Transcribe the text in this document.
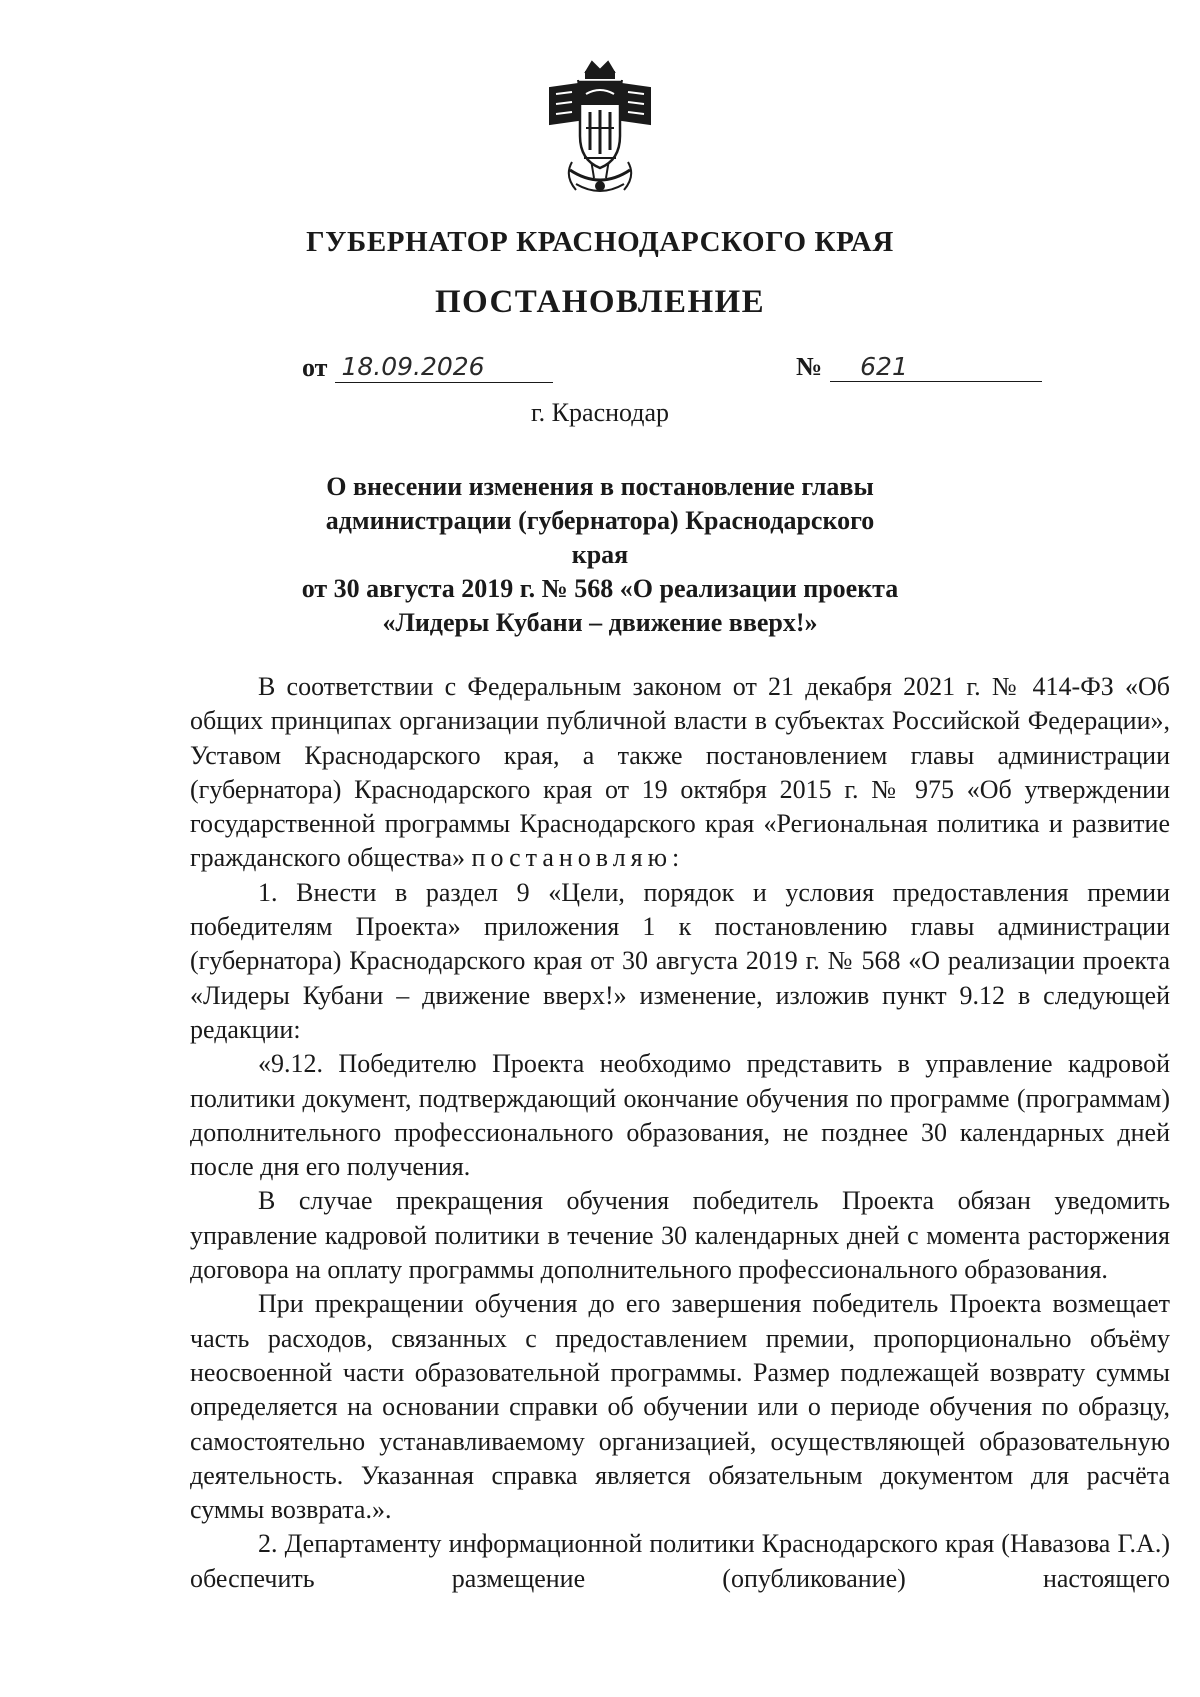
ГУБЕРНАТОР КРАСНОДАРСКОГО КРАЯ
ПОСТАНОВЛЕНИЕ
от 18.09.2026	№ 621
г. Краснодар
О внесении изменения в постановление главы
администрации (губернатора) Краснодарского края
от 30 августа 2019 г. № 568 «О реализации проекта
«Лидеры Кубани – движение вверх!»

В соответствии с Федеральным законом от 21 декабря 2021 г. № 414-ФЗ «Об общих принципах организации публичной власти в субъектах Российской Федерации», Уставом Краснодарского края, а также постановлением главы администрации (губернатора) Краснодарского края от 19 октября 2015 г. № 975 «Об утверждении государственной программы Краснодарского края «Региональная политика и развитие гражданского общества» постановляю:

1. Внести в раздел 9 «Цели, порядок и условия предоставления премии победителям Проекта» приложения 1 к постановлению главы администрации (губернатора) Краснодарского края от 30 августа 2019 г. № 568 «О реализации проекта «Лидеры Кубани – движение вверх!» изменение, изложив пункт 9.12 в следующей редакции:

«9.12. Победителю Проекта необходимо представить в управление кадровой политики документ, подтверждающий окончание обучения по программе (программам) дополнительного профессионального образования, не позднее 30 календарных дней после дня его получения.

В случае прекращения обучения победитель Проекта обязан уведомить управление кадровой политики в течение 30 календарных дней с момента расторжения договора на оплату программы дополнительного профессионального образования.

При прекращении обучения до его завершения победитель Проекта возмещает часть расходов, связанных с предоставлением премии, пропорционально объёму неосвоенной части образовательной программы. Размер подлежащей возврату суммы определяется на основании справки об обучении или о периоде обучения по образцу, самостоятельно устанавливаемому организацией, осуществляющей образовательную деятельность. Указанная справка является обязательным документом для расчёта суммы возврата.».

2. Департаменту информационной политики Краснодарского края (Навазова Г.А.) обеспечить размещение (опубликование) настоящего
